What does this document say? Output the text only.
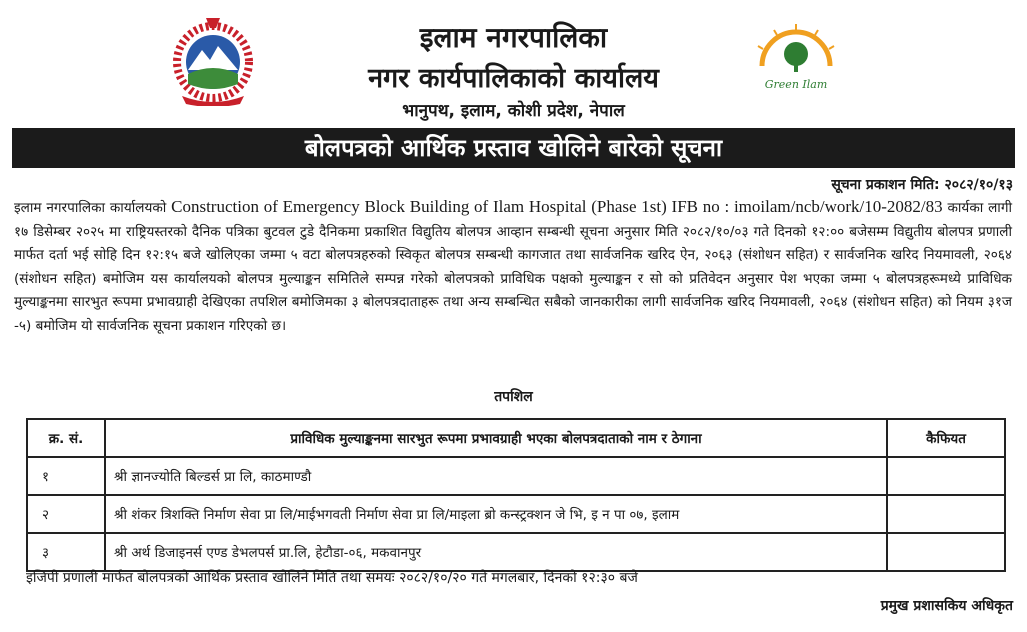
इलाम नगरपालिका
नगर कार्यपालिकाको कार्यालय
भानुपथ, इलाम, कोशी प्रदेश, नेपाल
Green Ilam
बोलपत्रको आर्थिक प्रस्ताव खोलिने बारेको सूचना
सूचना प्रकाशन मिति: २०८२/१०/१३
इलाम नगरपालिका कार्यालयको Construction of Emergency Block Building of Ilam Hospital (Phase 1st) IFB no : imoilam/ncb/work/10-2082/83 कार्यका लागी १७ डिसेम्बर २०२५ मा राष्ट्रियस्तरको दैनिक पत्रिका बुटवल टुडे दैनिकमा प्रकाशित विद्युतिय बोलपत्र आव्हान सम्बन्धी सूचना अनुसार मिति २०८२/१०/०३ गते दिनको १२:०० बजेसम्म विद्युतीय बोलपत्र प्रणाली मार्फत दर्ता भई सोहि दिन १२:१५ बजे खोलिएका जम्मा ५ वटा बोलपत्रहरुको स्विकृत बोलपत्र सम्बन्धी कागजात तथा सार्वजनिक खरिद ऐन, २०६३ (संशोधन सहित) र सार्वजनिक खरिद नियमावली, २०६४ (संशोधन सहित) बमोजिम यस कार्यालयको बोलपत्र मुल्याङ्कन समितिले सम्पन्न गरेको बोलपत्रको प्राविधिक पक्षको मुल्याङ्कन र सो को प्रतिवेदन अनुसार पेश भएका जम्मा ५ बोलपत्रहरूमध्ये प्राविधिक मुल्याङ्कनमा सारभुत रूपमा प्रभावग्राही देखिएका तपशिल बमोजिमका ३ बोलपत्रदाताहरू तथा अन्य सम्बन्धित सबैको जानकारीका लागी सार्वजनिक खरिद नियमावली, २०६४ (संशोधन सहित) को नियम ३१ज -५) बमोजिम यो सार्वजनिक सूचना प्रकाशन गरिएको छ।
तपशिल
क्र. सं.	प्राविधिक मुल्याङ्कनमा सारभुत रूपमा प्रभावग्राही भएका बोलपत्रदाताको नाम र ठेगाना	कैफियत
१	श्री ज्ञानज्योति बिल्डर्स प्रा लि, काठमाण्डौ	
२	श्री शंकर त्रिशक्ति निर्माण सेवा प्रा लि/माईभगवती निर्माण सेवा प्रा लि/माइला ब्रो कन्स्ट्रक्शन जे भि, इ न पा ०७, इलाम	
३	श्री अर्थ डिजाइनर्स एण्ड डेभलपर्स प्रा.लि, हेटौडा-०६, मकवानपुर	
इजिपी प्रणाली मार्फत बोलपत्रको आर्थिक प्रस्ताव खोलिने मिति तथा समयः २०८२/१०/२० गते मंगलबार, दिनको १२:३० बजे
प्रमुख प्रशासकिय अधिकृत
